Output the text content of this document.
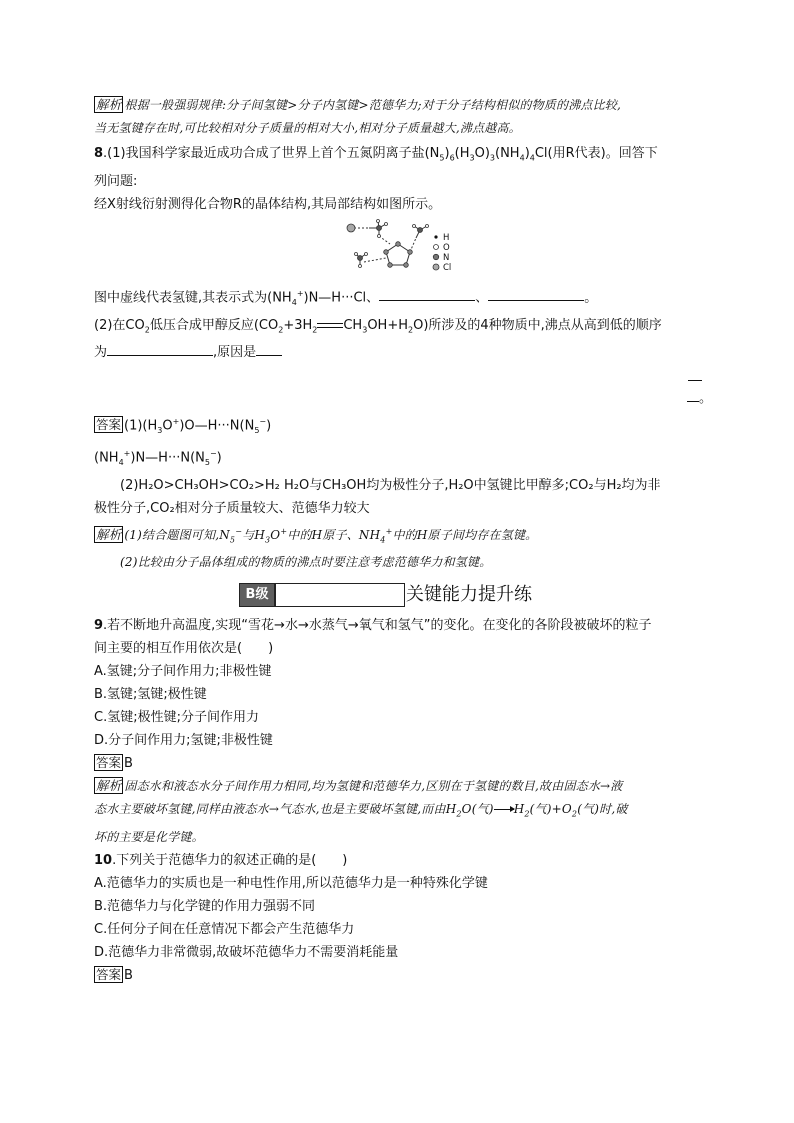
解析 根据一般强弱规律:分子间氢键>分子内氢键>范德华力;对于分子结构相似的物质的沸点比较,
当无氢键存在时,可比较相对分子质量的相对大小,相对分子质量越大,沸点越高。
8.(1)我国科学家最近成功合成了世界上首个五氮阴离子盐$(N_5)_6(H_3O)_3(NH_4)_4Cl$(用R代表)。回答下
列问题:
经X射线衍射测得化合物R的晶体结构,其局部结构如图所示。
H
O
N
Cl
图中虚线代表氢键,其表示式为$(NH_4^+)N—H\cdot\cdot\cdot Cl$、	、	。
(2)在$CO_2$低压合成甲醇反应($CO_2+3H_2$ $CH_3OH+H_2O$)所涉及的4种物质中,沸点从高到低的顺序
为	,原因是
。
答案 $(1)(H_3O^+)O—H\cdot\cdot\cdot N(N_5^-)$
$(NH_4^+)N—H\cdot\cdot\cdot N(N_5^-)$
(2)H₂O>CH₃OH>CO₂>H₂ H₂O与CH₃OH均为极性分子,H₂O中氢键比甲醇多;CO₂与H₂均为非
极性分子,CO₂相对分子质量较大、范德华力较大
解析 (1)结合题图可知$,N_5^-$与$H_3O^+$中的H原子、$NH_4^+$中的H原子间均存在氢键。
(2)比较由分子晶体组成的物质的沸点时要注意考虑范德华力和氢键。
B级	关键能力提升练
9.若不断地升高温度,实现“雪花→水→水蒸气→氧气和氢气”的变化。在变化的各阶段被破坏的粒子
间主要的相互作用依次是(　　)
A.氢键;分子间作用力;非极性键
B.氢键;氢键;极性键
C.氢键;极性键;分子间作用力
D.分子间作用力;氢键;非极性键
答案 B
解析 固态水和液态水分子间作用力相同,均为氢键和范德华力,区别在于氢键的数目,故由固态水→液
态水主要破坏氢键,同样由液态水→气态水,也是主要破坏氢键,而由$H_2O$(气)$\to H_2$(气)$+O_2$(气)时,破
坏的主要是化学键。
10.下列关于范德华力的叙述正确的是(　　)
A.范德华力的实质也是一种电性作用,所以范德华力是一种特殊化学键
B.范德华力与化学键的作用力强弱不同
C.任何分子间在任意情况下都会产生范德华力
D.范德华力非常微弱,故破坏范德华力不需要消耗能量
答案 B
